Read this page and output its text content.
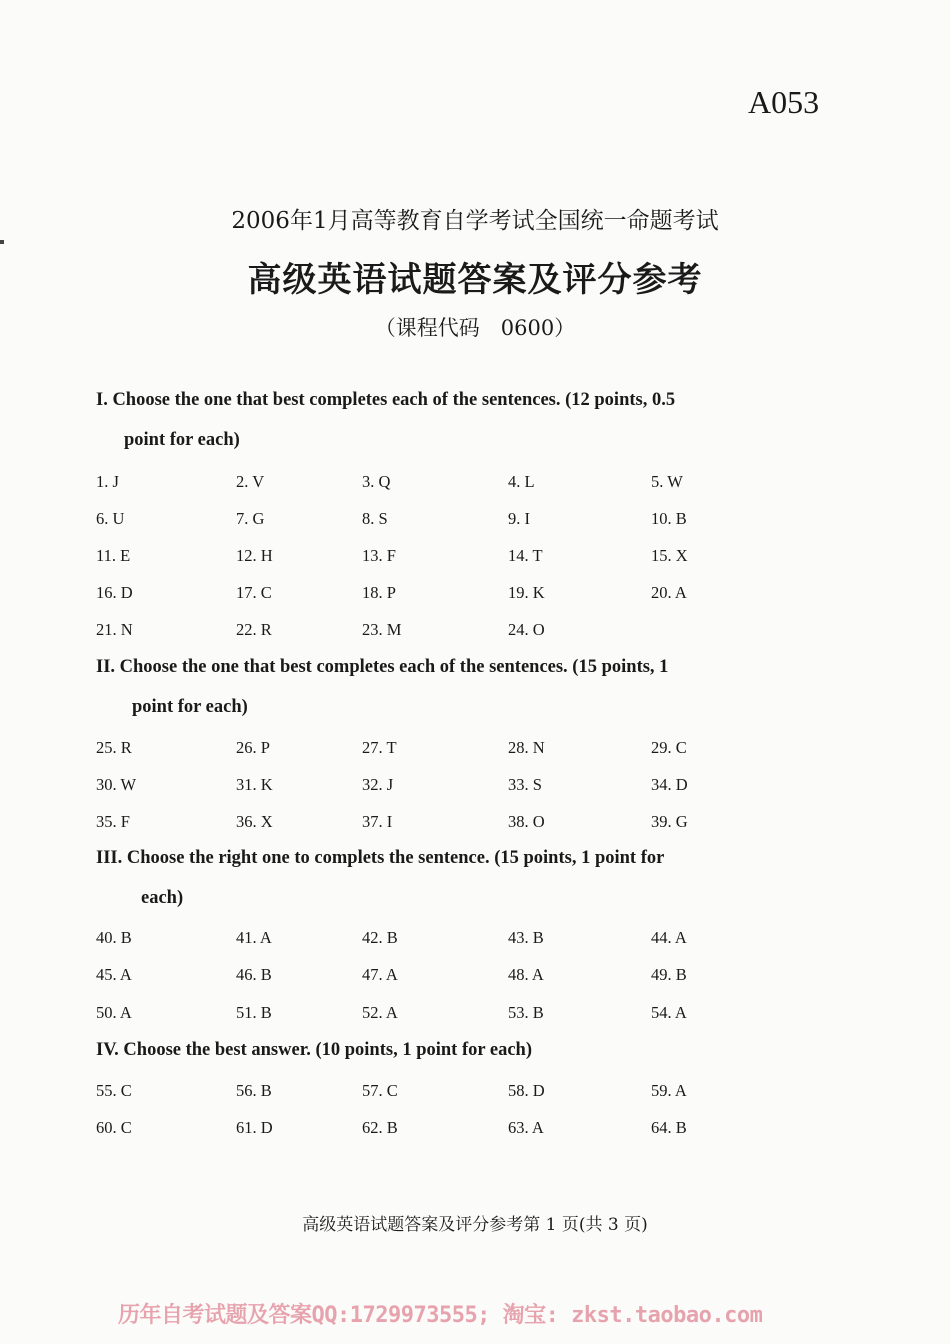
A053
2006年1月高等教育自学考试全国统一命题考试
高级英语试题答案及评分参考
（课程代码　0600）
I. Choose the one that best completes each of the sentences. (12 points, 0.5
point for each)
1. J	2. V	3. Q	4. L	5. W
6. U	7. G	8. S	9. I	10. B
11. E	12. H	13. F	14. T	15. X
16. D	17. C	18. P	19. K	20. A
21. N	22. R	23. M	24. O
II. Choose the one that best completes each of the sentences. (15 points, 1
point for each)
25. R	26. P	27. T	28. N	29. C
30. W	31. K	32. J	33. S	34. D
35. F	36. X	37. I	38. O	39. G
III. Choose the right one to complets the sentence. (15 points, 1 point for
each)
40. B	41. A	42. B	43. B	44. A
45. A	46. B	47. A	48. A	49. B
50. A	51. B	52. A	53. B	54. A
IV. Choose the best answer. (10 points, 1 point for each)
55. C	56. B	57. C	58. D	59. A
60. C	61. D	62. B	63. A	64. B
高级英语试题答案及评分参考第 1 页(共 3 页)
历年自考试题及答案QQ:1729973555; 淘宝: zkst.taobao.com
